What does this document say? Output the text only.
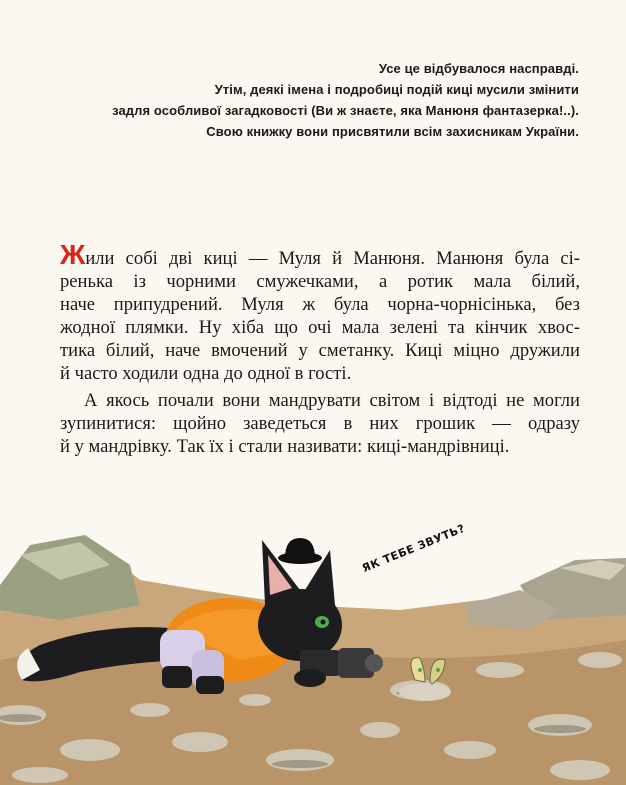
Усе це відбувалося насправді.
Утім, деякі імена і подробиці подій киці мусили змінити
задля особливої загадковості (Ви ж знаєте, яка Манюня фантазерка!..).
Свою книжку вони присвятили всім захисникам України.
Жили собі дві киці — Муля й Манюня. Манюня була сі-
ренька із чорними смужечками, а ротик мала білий,
наче припудрений. Муля ж була чорна-чорнісінька, без
жодної плямки. Ну хіба що очі мала зелені та кінчик хвос-
тика білий, наче вмочений у сметанку. Киці міцно дружили
й часто ходили одна до одної в гості.
А якось почали вони мандрувати світом і відтоді не могли
зупинитися: щойно заведеться в них грошик — одразу
й у мандрівку. Так їх і стали називати: киці-мандрівниці.
ЯК ТЕБЕ ЗВУТЬ?
